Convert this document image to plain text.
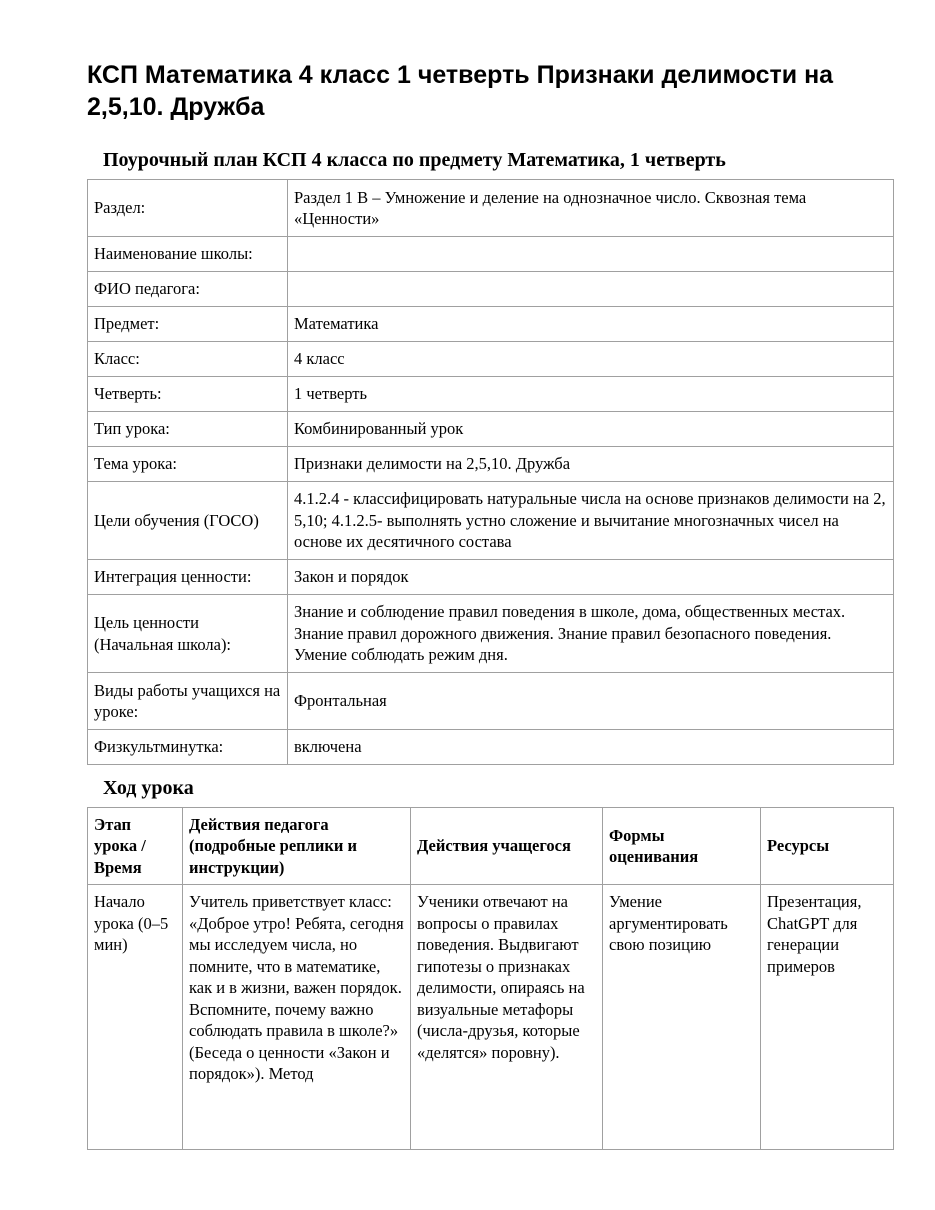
КСП Математика 4 класс 1 четверть Признаки делимости на 2,5,10. Дружба
Поурочный план КСП 4 класса по предмету Математика, 1 четверть
Раздел:	Раздел 1 В – Умножение и деление на однозначное число. Сквозная тема «Ценности»
Наименование школы:	
ФИО педагога:	
Предмет:	Математика
Класс:	4 класс
Четверть:	1 четверть
Тип урока:	Комбинированный урок
Тема урока:	Признаки делимости на 2,5,10. Дружба
Цели обучения (ГОСО)	4.1.2.4 - классифицировать натуральные числа на основе признаков делимости на 2, 5,10; 4.1.2.5- выполнять устно сложение и вычитание многозначных чисел на основе их десятичного состава
Интеграция ценности:	Закон и порядок
Цель ценности (Начальная школа):	Знание и соблюдение правил поведения в школе, дома, общественных местах. Знание правил дорожного движения. Знание правил безопасного поведения. Умение соблюдать режим дня.
Виды работы учащихся на уроке:	Фронтальная
Физкультминутка:	включена
Ход урока
Этап урока / Время	Действия педагога (подробные реплики и инструкции)	Действия учащегося	Формы оценивания	Ресурсы
Начало урока (0–5 мин)	Учитель приветствует класс: «Доброе утро! Ребята, сегодня мы исследуем числа, но помните, что в математике, как и в жизни, важен порядок. Вспомните, почему важно соблюдать правила в школе?» (Беседа о ценности «Закон и порядок»). Метод	Ученики отвечают на вопросы о правилах поведения. Выдвигают гипотезы о признаках делимости, опираясь на визуальные метафоры (числа-друзья, которые «делятся» поровну).	Умение аргументировать свою позицию	Презентация, ChatGPT для генерации примеров
